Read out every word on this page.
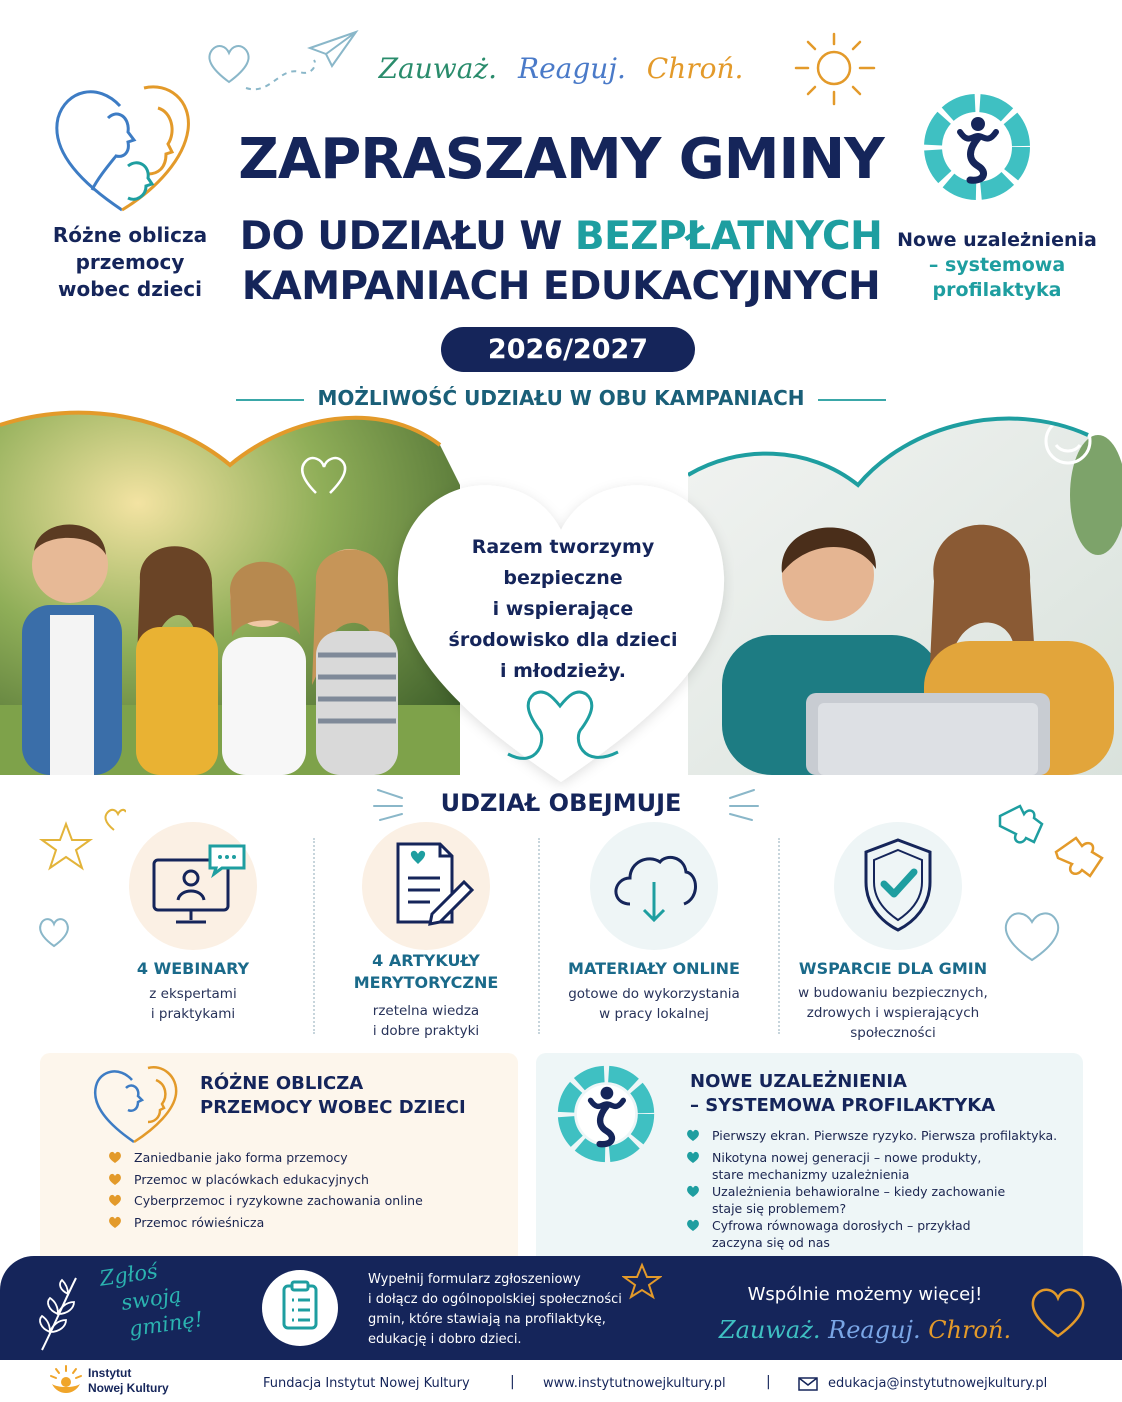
Zauważ. Reaguj. Chroń.
Różne oblicza
przemocy
wobec dzieci
Nowe uzależnienia
– systemowa
profilaktyka
ZAPRASZAMY GMINY
DO UDZIAŁU W BEZPŁATNYCH
KAMPANIACH EDUKACYJNYCH
2026/2027
MOŻLIWOŚĆ UDZIAŁU W OBU KAMPANIACH
Razem tworzymy
bezpieczne
i wspierające
środowisko dla dzieci
i młodzieży.
UDZIAŁ OBEJMUJE
4 WEBINARY
z ekspertami
i praktykami
4 ARTYKUŁY
MERYTORYCZNE
rzetelna wiedza
i dobre praktyki
MATERIAŁY ONLINE
gotowe do wykorzystania
w pracy lokalnej
WSPARCIE DLA GMIN
w budowaniu bezpiecznych,
zdrowych i wspierających
społeczności
RÓŻNE OBLICZA
PRZEMOCY WOBEC DZIECI
Zaniedbanie jako forma przemocy
Przemoc w placówkach edukacyjnych
Cyberprzemoc i ryzykowne zachowania online
Przemoc rówieśnicza
NOWE UZALEŻNIENIA
– SYSTEMOWA PROFILAKTYKA
Pierwszy ekran. Pierwsze ryzyko. Pierwsza profilaktyka.
Nikotyna nowej generacji – nowe produkty,
stare mechanizmy uzależnienia
Uzależnienia behawioralne – kiedy zachowanie
staje się problemem?
Cyfrowa równowaga dorosłych – przykład
zaczyna się od nas
Zgłoś
swoją
gminę!
Wypełnij formularz zgłoszeniowy
i dołącz do ogólnopolskiej społeczności
gmin, które stawiają na profilaktykę,
edukację i dobro dzieci.
Wspólnie możemy więcej!
Zauważ. Reaguj. Chroń.
Instytut
Nowej Kultury	Fundacja Instytut Nowej Kultury	| www.instytutnowejkultury.pl	|	edukacja@instytutnowejkultury.pl
